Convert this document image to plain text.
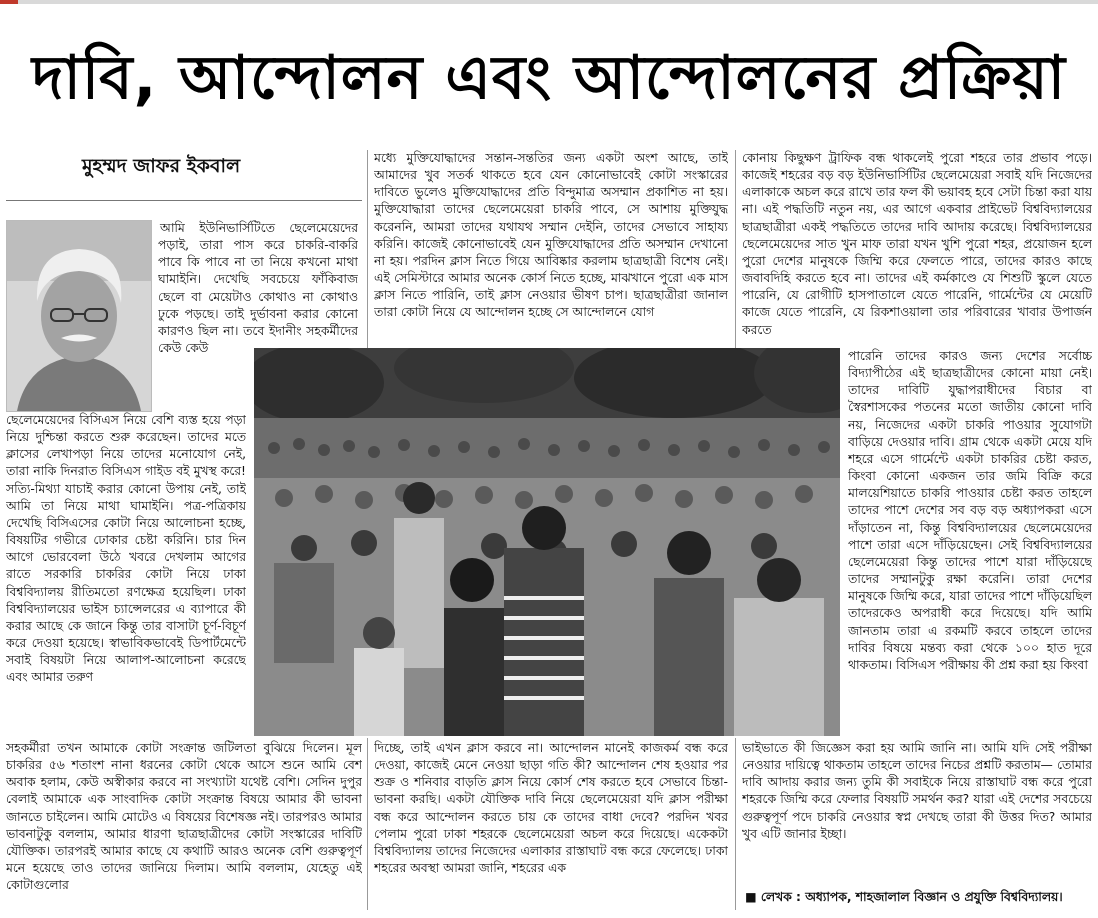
দাবি, আন্দোলন এবং আন্দোলনের প্রক্রিয়া
মুহম্মদ জাফর ইকবাল

আমি ইউনিভার্সিটিতে ছেলেমেয়েদের পড়াই, তারা পাস করে চাকরি-বাকরি পাবে কি পাবে না তা নিয়ে কখনো মাথা ঘামাইনি। দেখেছি সবচেয়ে ফাঁকিবাজ ছেলে বা মেয়েটাও কোথাও না কোথাও ঢুকে পড়ছে। তাই দুর্ভাবনা করার কোনো কারণও ছিল না। তবে ইদানীং সহকর্মীদের কেউ কেউ

ছেলেমেয়েদের বিসিএস নিয়ে বেশি ব্যস্ত হয়ে পড়া নিয়ে দুশ্চিন্তা করতে শুরু করেছেন। তাদের মতে ক্লাসের লেখাপড়া নিয়ে তাদের মনোযোগ নেই, তারা নাকি দিনরাত বিসিএস গাইড বই মুখস্থ করে! সত্যি-মিথ্যা যাচাই করার কোনো উপায় নেই, তাই আমি তা নিয়ে মাথা ঘামাইনি। পত্র-পত্রিকায় দেখেছি বিসিএসের কোটা নিয়ে আলোচনা হচ্ছে, বিষয়টির গভীরে ঢোকার চেষ্টা করিনি। চার দিন আগে ভোরবেলা উঠে খবরে দেখলাম আগের রাতে সরকারি চাকরির কোটা নিয়ে ঢাকা বিশ্ববিদ্যালয় রীতিমতো রণক্ষেত্র হয়েছিল। ঢাকা বিশ্ববিদ্যালয়ের ভাইস চ্যান্সেলরের এ ব্যাপারে কী করার আছে কে জানে কিন্তু তার বাসাটা চূর্ণ-বিচূর্ণ করে দেওয়া হয়েছে। স্বাভাবিকভাবেই ডিপার্টমেন্টে সবাই বিষয়টা নিয়ে আলাপ-আলোচনা করেছে এবং আমার তরুণ

সহকর্মীরা তখন আমাকে কোটা সংক্রান্ত জটিলতা বুঝিয়ে দিলেন। মূল চাকরির ৫৬ শতাংশ নানা ধরনের কোটা থেকে আসে শুনে আমি বেশ অবাক হলাম, কেউ অস্বীকার করবে না সংখ্যাটা যথেষ্ট বেশি। সেদিন দুপুর বেলাই আমাকে এক সাংবাদিক কোটা সংক্রান্ত বিষয়ে আমার কী ভাবনা জানতে চাইলেন। আমি মোটেও এ বিষয়ের বিশেষজ্ঞ নই। তারপরও আমার ভাবনাটুকু বললাম, আমার ধারণা ছাত্রছাত্রীদের কোটা সংস্কারের দাবিটি যৌক্তিক। তারপরই আমার কাছে যে কথাটি আরও অনেক বেশি গুরুত্বপূর্ণ মনে হয়েছে তাও তাদের জানিয়ে দিলাম। আমি বললাম, যেহেতু এই কোটাগুলোর

মধ্যে মুক্তিযোদ্ধাদের সন্তান-সন্ততির জন্য একটা অংশ আছে, তাই আমাদের খুব সতর্ক থাকতে হবে যেন কোনোভাবেই কোটা সংস্কারের দাবিতে ভুলেও মুক্তিযোদ্ধাদের প্রতি বিন্দুমাত্র অসম্মান প্রকাশিত না হয়। মুক্তিযোদ্ধারা তাদের ছেলেমেয়েরা চাকরি পাবে, সে আশায় মুক্তিযুদ্ধ করেননি, আমরা তাদের যথাযথ সম্মান দেইনি, তাদের সেভাবে সাহায্য করিনি। কাজেই কোনোভাবেই যেন মুক্তিযোদ্ধাদের প্রতি অসম্মান দেখানো না হয়। পরদিন ক্লাস নিতে গিয়ে আবিষ্কার করলাম ছাত্রছাত্রী বিশেষ নেই। এই সেমিস্টারে আমার অনেক কোর্স নিতে হচ্ছে, মাঝখানে পুরো এক মাস ক্লাস নিতে পারিনি, তাই ক্লাস নেওয়ার ভীষণ চাপ। ছাত্রছাত্রীরা জানাল তারা কোটা নিয়ে যে আন্দোলন হচ্ছে সে আন্দোলনে যোগ

দিচ্ছে, তাই এখন ক্লাস করবে না। আন্দোলন মানেই কাজকর্ম বন্ধ করে দেওয়া, কাজেই মেনে নেওয়া ছাড়া গতি কী? আন্দোলন শেষ হওয়ার পর শুক্র ও শনিবার বাড়তি ক্লাস নিয়ে কোর্স শেষ করতে হবে সেভাবে চিন্তা-ভাবনা করছি। একটা যৌক্তিক দাবি নিয়ে ছেলেমেয়েরা যদি ক্লাস পরীক্ষা বন্ধ করে আন্দোলন করতে চায় কে তাদের বাধা দেবে? পরদিন খবর পেলাম পুরো ঢাকা শহরকে ছেলেমেয়েরা অচল করে দিয়েছে। একেকটা বিশ্ববিদ্যালয় তাদের নিজেদের এলাকার রাস্তাঘাট বন্ধ করে ফেলেছে। ঢাকা শহরের অবস্থা আমরা জানি, শহরের এক

কোনায় কিছুক্ষণ ট্রাফিক বন্ধ থাকলেই পুরো শহরে তার প্রভাব পড়ে। কাজেই শহরের বড় বড় ইউনিভার্সিটির ছেলেমেয়েরা সবাই যদি নিজেদের এলাকাকে অচল করে রাখে তার ফল কী ভয়াবহ হবে সেটা চিন্তা করা যায় না। এই পদ্ধতিটি নতুন নয়, এর আগে একবার প্রাইভেট বিশ্ববিদ্যালয়ের ছাত্রছাত্রীরা একই পদ্ধতিতে তাদের দাবি আদায় করেছে। বিশ্ববিদ্যালয়ের ছেলেমেয়েদের সাত খুন মাফ তারা যখন খুশি পুরো শহর, প্রয়োজন হলে পুরো দেশের মানুষকে জিম্মি করে ফেলতে পারে, তাদের কারও কাছে জবাবদিহি করতে হবে না। তাদের এই কর্মকাণ্ডে যে শিশুটি স্কুলে যেতে পারেনি, যে রোগীটি হাসপাতালে যেতে পারেনি, গার্মেন্টের যে মেয়েটি কাজে যেতে পারেনি, যে রিকশাওয়ালা তার পরিবারের খাবার উপার্জন করতে

পারেনি তাদের কারও জন্য দেশের সর্বোচ্চ বিদ্যাপীঠের এই ছাত্রছাত্রীদের কোনো মায়া নেই। তাদের দাবিটি যুদ্ধাপরাধীদের বিচার বা স্বৈরশাসকের পতনের মতো জাতীয় কোনো দাবি নয়, নিজেদের একটা চাকরি পাওয়ার সুযোগটা বাড়িয়ে দেওয়ার দাবি। গ্রাম থেকে একটা মেয়ে যদি শহরে এসে গার্মেন্টে একটা চাকরির চেষ্টা করত, কিংবা কোনো একজন তার জমি বিক্রি করে মালয়েশিয়াতে চাকরি পাওয়ার চেষ্টা করত তাহলে তাদের পাশে দেশের সব বড় বড় অধ্যাপকরা এসে দাঁড়াতেন না, কিন্তু বিশ্ববিদ্যালয়ের ছেলেমেয়েদের পাশে তারা এসে দাঁড়িয়েছেন। সেই বিশ্ববিদ্যালয়ের ছেলেমেয়েরা কিন্তু তাদের পাশে যারা দাঁড়িয়েছে তাদের সম্মানটুকু রক্ষা করেনি। তারা দেশের মানুষকে জিম্মি করে, যারা তাদের পাশে দাঁড়িয়েছিল তাদেরকেও অপরাধী করে দিয়েছে। যদি আমি জানতাম তারা এ রকমটি করবে তাহলে তাদের দাবির বিষয়ে মন্তব্য করা থেকে ১০০ হাত দূরে থাকতাম। বিসিএস পরীক্ষায় কী প্রশ্ন করা হয় কিংবা

ভাইভাতে কী জিজ্ঞেস করা হয় আমি জানি না। আমি যদি সেই পরীক্ষা নেওয়ার দায়িত্বে থাকতাম তাহলে তাদের নিচের প্রশ্নটি করতাম— তোমার দাবি আদায় করার জন্য তুমি কী সবাইকে নিয়ে রাস্তাঘাট বন্ধ করে পুরো শহরকে জিম্মি করে ফেলার বিষয়টি সমর্থন কর? যারা এই দেশের সবচেয়ে গুরুত্বপূর্ণ পদে চাকরি নেওয়ার স্বপ্ন দেখছে তারা কী উত্তর দিত? আমার খুব এটি জানার ইচ্ছা।

■ লেখক : অধ্যাপক, শাহজালাল বিজ্ঞান ও প্রযুক্তি বিশ্ববিদ্যালয়।
